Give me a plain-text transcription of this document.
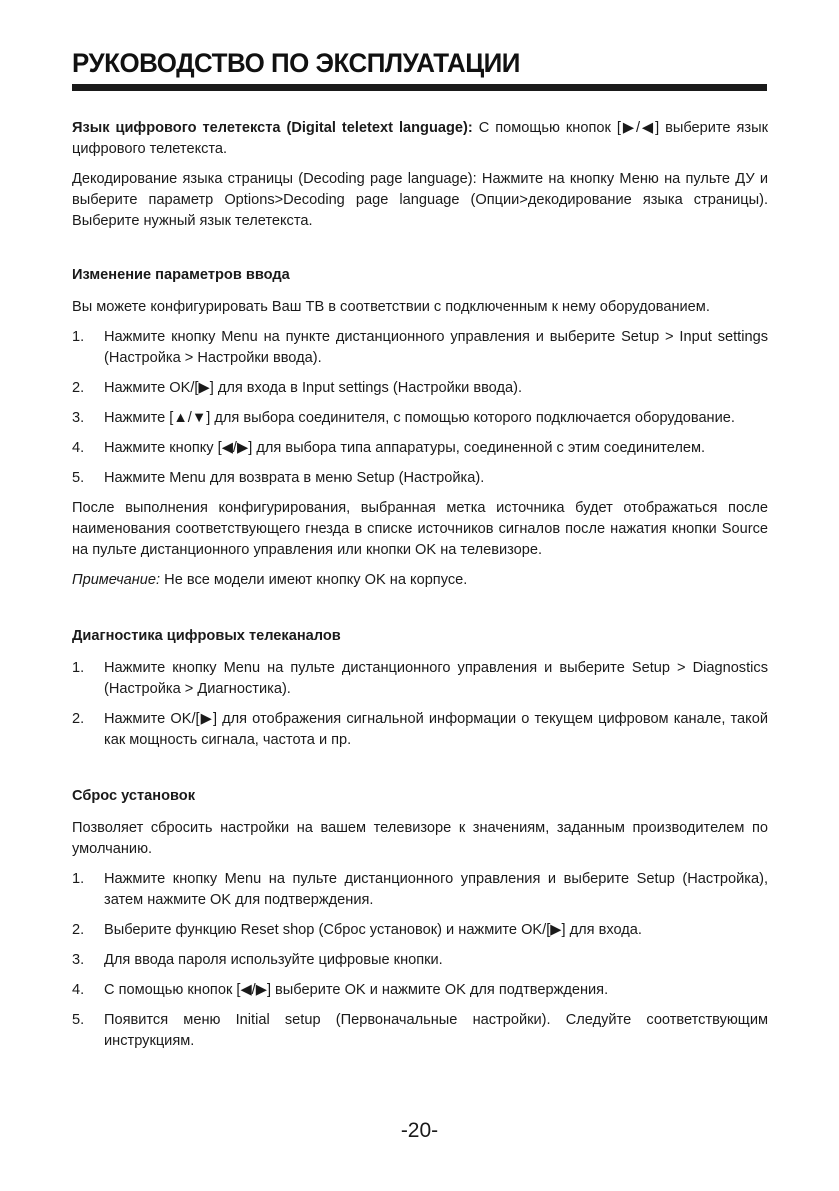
РУКОВОДСТВО ПО ЭКСПЛУАТАЦИИ

Язык цифрового телетекста (Digital teletext language): С помощью кнопок [▶/◀] выберите язык цифрового телетекста.

Декодирование языка страницы (Decoding page language): Нажмите на кнопку Меню на пульте ДУ и выберите параметр Options>Decoding page language (Опции>декодирование языка страницы). Выберите нужный язык телетекста.

Изменение параметров ввода

Вы можете конфигурировать Ваш ТВ в соответствии с подключенным к нему оборудованием.

1. Нажмите кнопку Menu на пункте дистанционного управления и выберите Setup > Input settings (Настройка > Настройки ввода).
2. Нажмите OK/[▶] для входа в Input settings (Настройки ввода).
3. Нажмите [▲/▼] для выбора соединителя, с помощью которого подключается оборудование.
4. Нажмите кнопку [◀/▶] для выбора типа аппаратуры, соединенной с этим соединителем.
5. Нажмите Menu для возврата в меню Setup (Настройка).

После выполнения конфигурирования, выбранная метка источника будет отображаться после наименования соответствующего гнезда в списке источников сигналов после нажатия кнопки Source на пульте дистанционного управления или кнопки OK на телевизоре.

Примечание: Не все модели имеют кнопку OK на корпусе.

Диагностика цифровых телеканалов
1. Нажмите кнопку Menu на пульте дистанционного управления и выберите Setup > Diagnostics (Настройка > Диагностика).
2. Нажмите OK/[▶] для отображения сигнальной информации о текущем цифровом канале, такой как мощность сигнала, частота и пр.
Сброс установок

Позволяет сбросить настройки на вашем телевизоре к значениям, заданным производителем по умолчанию.

1. Нажмите кнопку Menu на пульте дистанционного управления и выберите Setup (Настройка), затем нажмите OK для подтверждения.
2. Выберите функцию Reset shop (Сброс установок) и нажмите OK/[▶] для входа.
3. Для ввода пароля используйте цифровые кнопки.
4. С помощью кнопок [◀/▶] выберите OK и нажмите OK для подтверждения.
5. Появится меню Initial setup (Первоначальные настройки). Следуйте соответствующим инструкциям.
-20-
